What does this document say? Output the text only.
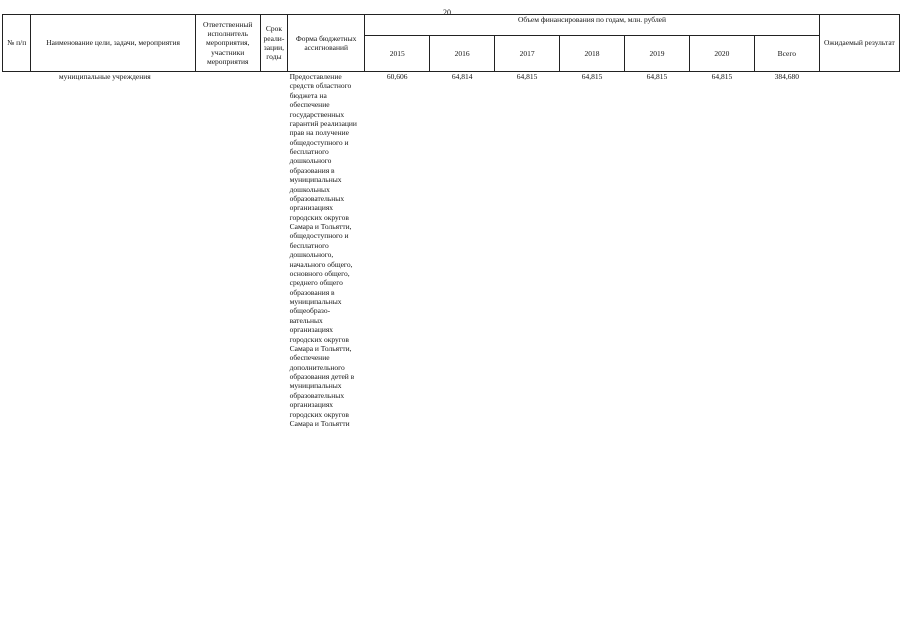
20
№ п/п	Наименование цели, задачи, мероприятия	Ответственный исполнитель мероприятия, участники мероприятия	Срок реали-зации, годы	Форма бюджетных ассигнований	Объем финансирования по годам, млн. рублей							Ожидаемый результат
					2015	2016	2017	2018	2019	2020	Всего	
	муниципальные учреждения			Предоставление средств областного бюджета на обеспечение государственных гарантий реализации прав на получение общедоступного и бесплатного дошкольного образования в муниципальных дошкольных образовательных организациях городских округов Самара и Тольятти, общедоступного и бесплатного дошкольного, начального общего, основного общего, среднего общего образования в муниципальных общеобразо-вательных организациях городских округов Самара и Тольятти, обеспечение дополнительного образования детей в муниципальных образовательных организациях городских округов Самара и Тольятти	60,606	64,814	64,815	64,815	64,815	64,815	384,680	
